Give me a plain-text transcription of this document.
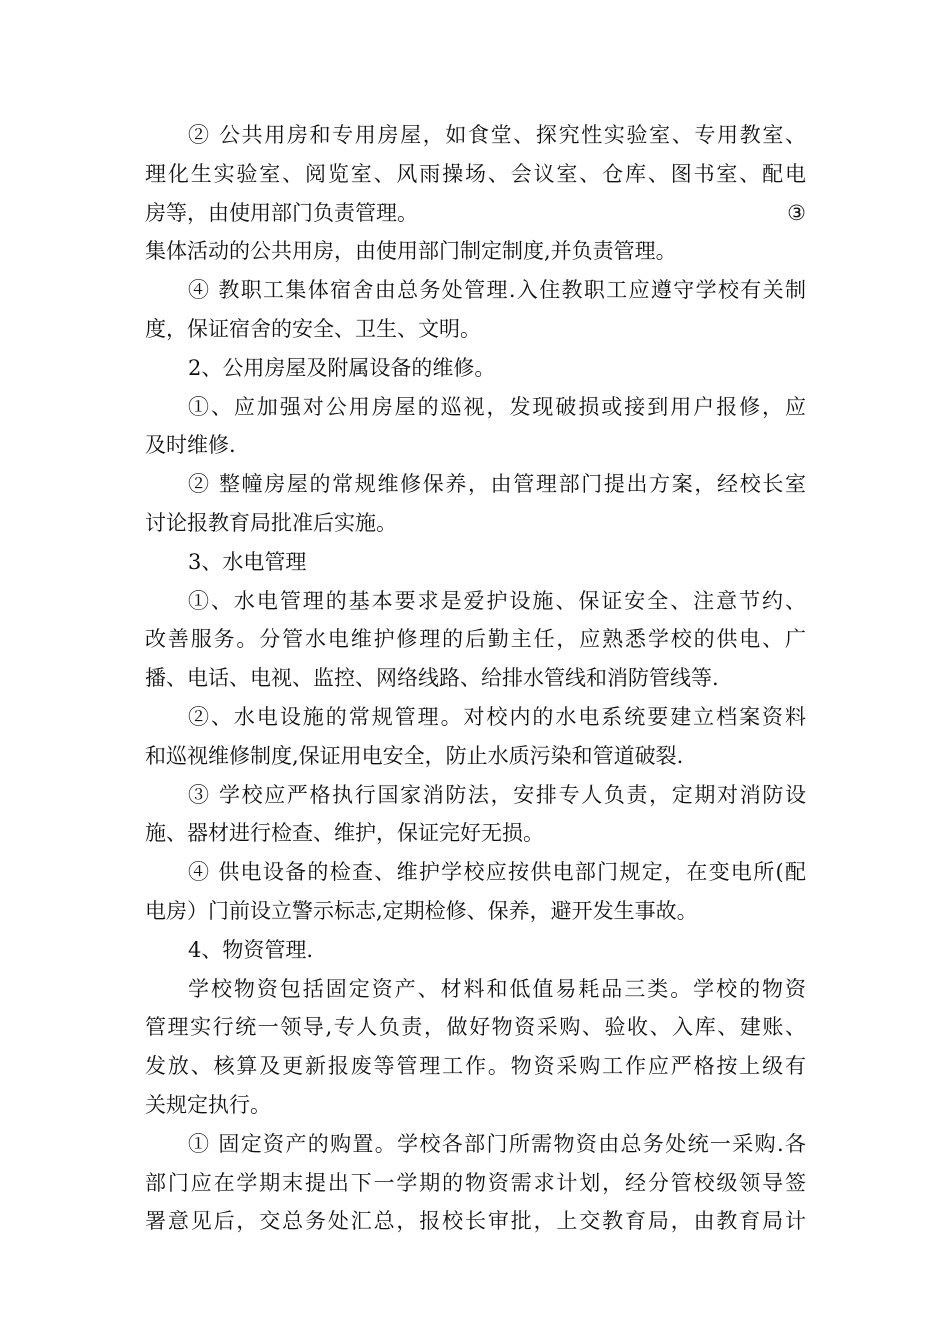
② 公共用房和专用房屋，如食堂、探究性实验室、专用教室、
理化生实验室、阅览室、风雨操场、会议室、仓库、图书室、配电
房等，由使用部门负责管理。	③
集体活动的公共用房，由使用部门制定制度,并负责管理。
④ 教职工集体宿舍由总务处管理.入住教职工应遵守学校有关制
度，保证宿舍的安全、卫生、文明。
2、公用房屋及附属设备的维修。
①、应加强对公用房屋的巡视，发现破损或接到用户报修，应
及时维修.
② 整幢房屋的常规维修保养，由管理部门提出方案，经校长室
讨论报教育局批准后实施。
3、水电管理
①、水电管理的基本要求是爱护设施、保证安全、注意节约、
改善服务。分管水电维护修理的后勤主任，应熟悉学校的供电、广
播、电话、电视、监控、网络线路、给排水管线和消防管线等.
②、水电设施的常规管理。对校内的水电系统要建立档案资料
和巡视维修制度,保证用电安全，防止水质污染和管道破裂.
③ 学校应严格执行国家消防法，安排专人负责，定期对消防设
施、器材进行检查、维护，保证完好无损。
④ 供电设备的检查、维护学校应按供电部门规定，在变电所(配
电房）门前设立警示标志,定期检修、保养，避开发生事故。
4、物资管理.
学校物资包括固定资产、材料和低值易耗品三类。学校的物资
管理实行统一领导,专人负责，做好物资采购、验收、入库、建账、
发放、核算及更新报废等管理工作。物资采购工作应严格按上级有
关规定执行。
① 固定资产的购置。学校各部门所需物资由总务处统一采购.各
部门应在学期末提出下一学期的物资需求计划，经分管校级领导签
署意见后，交总务处汇总，报校长审批，上交教育局，由教育局计
